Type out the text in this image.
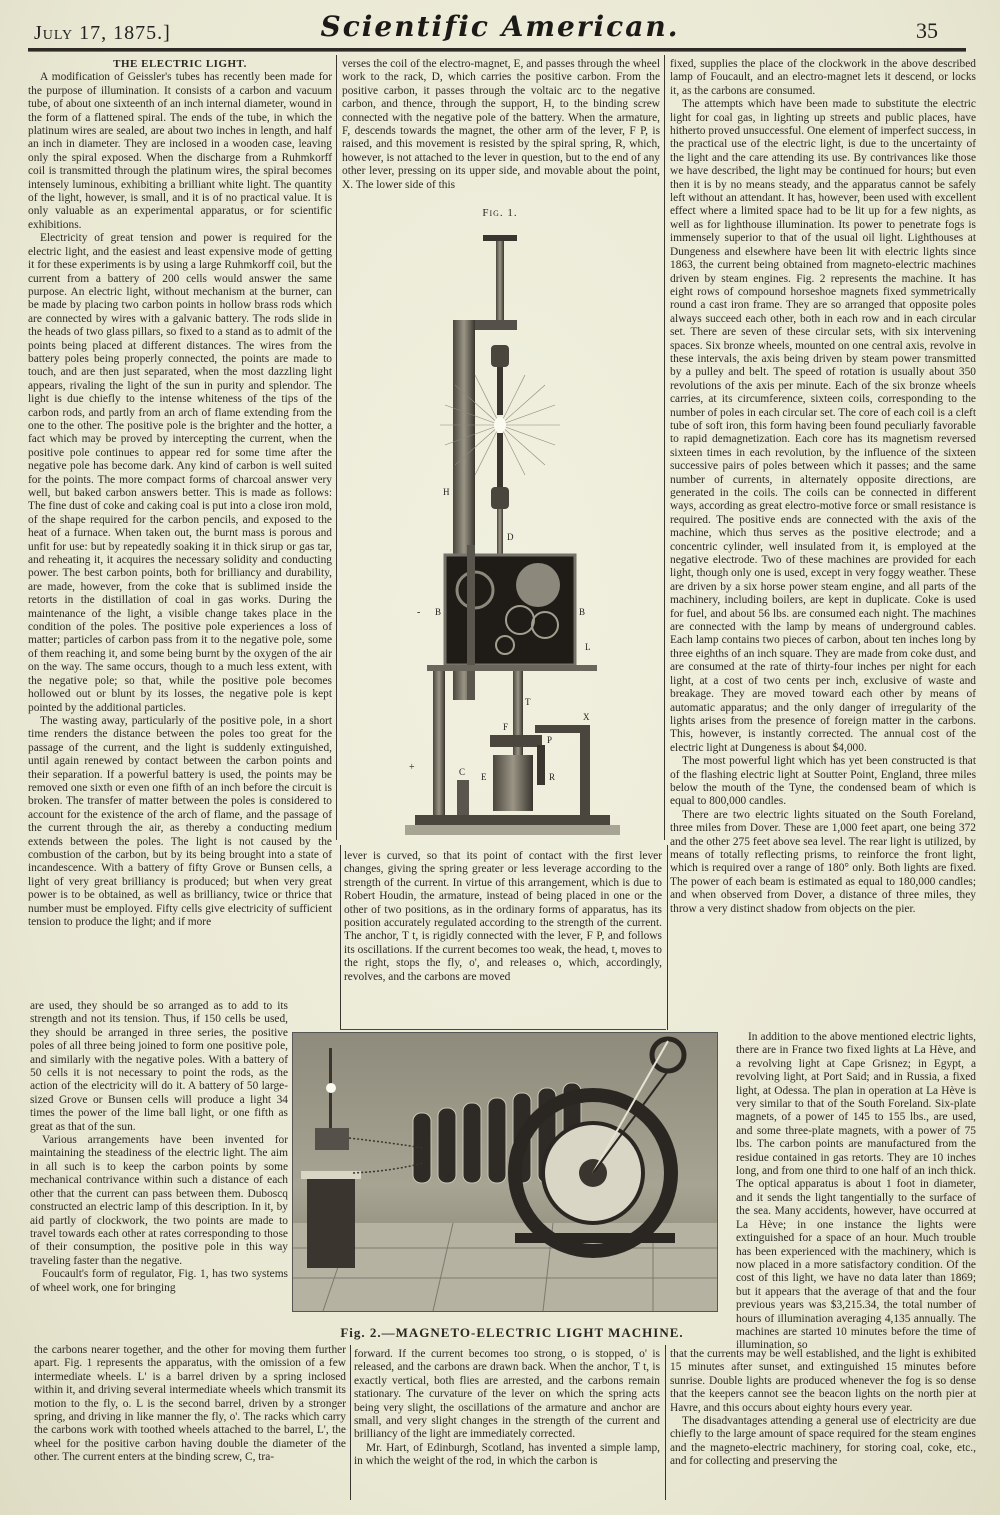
July 17, 1875.]	Scientific American.	35

THE ELECTRIC LIGHT.

A modification of Geissler's tubes has recently been made for the purpose of illumination. It consists of a carbon and vacuum tube, of about one sixteenth of an inch internal diameter, wound in the form of a flattened spiral. The ends of the tube, in which the platinum wires are sealed, are about two inches in length, and half an inch in diameter. They are inclosed in a wooden case, leaving only the spiral exposed. When the discharge from a Ruhmkorff coil is transmitted through the platinum wires, the spiral becomes intensely luminous, exhibiting a brilliant white light. The quantity of the light, however, is small, and it is of no practical value. It is only valuable as an experimental apparatus, or for scientific exhibitions.

Electricity of great tension and power is required for the electric light, and the easiest and least expensive mode of getting it for these experiments is by using a large Ruhmkorff coil, but the current from a battery of 200 cells would answer the same purpose. An electric light, without mechanism at the burner, can be made by placing two carbon points in hollow brass rods which are connected by wires with a galvanic battery. The rods slide in the heads of two glass pillars, so fixed to a stand as to admit of the points being placed at different distances. The wires from the battery poles being properly connected, the points are made to touch, and are then just separated, when the most dazzling light appears, rivaling the light of the sun in purity and splendor. The light is due chiefly to the intense whiteness of the tips of the carbon rods, and partly from an arch of flame extending from the one to the other. The positive pole is the brighter and the hotter, a fact which may be proved by intercepting the current, when the positive pole continues to appear red for some time after the negative pole has become dark. Any kind of carbon is well suited for the points. The more compact forms of charcoal answer very well, but baked carbon answers better. This is made as follows: The fine dust of coke and caking coal is put into a close iron mold, of the shape required for the carbon pencils, and exposed to the heat of a furnace. When taken out, the burnt mass is porous and unfit for use: but by repeatedly soaking it in thick sirup or gas tar, and reheating it, it acquires the necessary solidity and conducting power. The best carbon points, both for brilliancy and durability, are made, however, from the coke that is sublimed inside the retorts in the distillation of coal in gas works. During the maintenance of the light, a visible change takes place in the condition of the poles. The positive pole experiences a loss of matter; particles of carbon pass from it to the negative pole, some of them reaching it, and some being burnt by the oxygen of the air on the way. The same occurs, though to a much less extent, with the negative pole; so that, while the positive pole becomes hollowed out or blunt by its losses, the negative pole is kept pointed by the additional particles.

The wasting away, particularly of the positive pole, in a short time renders the distance between the poles too great for the passage of the current, and the light is suddenly extinguished, until again renewed by contact between the carbon points and their separation. If a powerful battery is used, the points may be removed one sixth or even one fifth of an inch before the circuit is broken. The transfer of matter between the poles is considered to account for the existence of the arch of flame, and the passage of the current through the air, as thereby a conducting medium extends between the poles. The light is not caused by the combustion of the carbon, but by its being brought into a state of incandescence. With a battery of fifty Grove or Bunsen cells, a light of very great brilliancy is produced; but when very great power is to be obtained, as well as brilliancy, twice or thrice that number must be employed. Fifty cells give electricity of sufficient tension to produce the light; and if more

are used, they should be so arranged as to add to its strength and not its tension. Thus, if 150 cells be used, they should be arranged in three series, the positive poles of all three being joined to form one positive pole, and similarly with the negative poles. With a battery of 50 cells it is not necessary to point the rods, as the action of the electricity will do it. A battery of 50 large-sized Grove or Bunsen cells will produce a light 34 times the power of the lime ball light, or one fifth as great as that of the sun.

Various arrangements have been invented for maintaining the steadiness of the electric light. The aim in all such is to keep the carbon points by some mechanical contrivance within such a distance of each other that the current can pass between them. Duboscq constructed an electric lamp of this description. In it, by aid partly of clockwork, the two points are made to travel towards each other at rates corresponding to those of their consumption, the positive pole in this way traveling faster than the negative.

Foucault's form of regulator, Fig. 1, has two systems of wheel work, one for bringing

the carbons nearer together, and the other for moving them further apart. Fig. 1 represents the apparatus, with the omission of a few intermediate wheels. L' is a barrel driven by a spring inclosed within it, and driving several intermediate wheels which transmit its motion to the fly, o. L is the second barrel, driven by a stronger spring, and driving in like manner the fly, o'. The racks which carry the carbons work with toothed wheels attached to the barrel, L', the wheel for the positive carbon having double the diameter of the other. The current enters at the binding screw, C, tra-

verses the coil of the electro-magnet, E, and passes through the wheel work to the rack, D, which carries the positive carbon. From the positive carbon, it passes through the voltaic arc to the negative carbon, and thence, through the support, H, to the binding screw connected with the negative pole of the battery. When the armature, F, descends towards the magnet, the other arm of the lever, F P, is raised, and this movement is resisted by the spiral spring, R, which, however, is not attached to the lever in question, but to the end of any other lever, pressing on its upper side, and movable about the point, X. The lower side of this

Fig. 1.
H
D
B	B
L
T
F
P
X
C E	R
+
-

lever is curved, so that its point of contact with the first lever changes, giving the spring greater or less leverage according to the strength of the current. In virtue of this arrangement, which is due to Robert Houdin, the armature, instead of being placed in one or the other of two positions, as in the ordinary forms of apparatus, has its position accurately regulated according to the strength of the current. The anchor, T t, is rigidly connected with the lever, F P, and follows its oscillations. If the current becomes too weak, the head, t, moves to the right, stops the fly, o', and releases o, which, accordingly, revolves, and the carbons are moved

fixed, supplies the place of the clockwork in the above described lamp of Foucault, and an electro-magnet lets it descend, or locks it, as the carbons are consumed.

The attempts which have been made to substitute the electric light for coal gas, in lighting up streets and public places, have hitherto proved unsuccessful. One element of imperfect success, in the practical use of the electric light, is due to the uncertainty of the light and the care attending its use. By contrivances like those we have described, the light may be continued for hours; but even then it is by no means steady, and the apparatus cannot be safely left without an attendant. It has, however, been used with excellent effect where a limited space had to be lit up for a few nights, as well as for lighthouse illumination. Its power to penetrate fogs is immensely superior to that of the usual oil light. Lighthouses at Dungeness and elsewhere have been lit with electric lights since 1863, the current being obtained from magneto-electric machines driven by steam engines. Fig. 2 represents the machine. It has eight rows of compound horseshoe magnets fixed symmetrically round a cast iron frame. They are so arranged that opposite poles always succeed each other, both in each row and in each circular set. There are seven of these circular sets, with six intervening spaces. Six bronze wheels, mounted on one central axis, revolve in these intervals, the axis being driven by steam power transmitted by a pulley and belt. The speed of rotation is usually about 350 revolutions of the axis per minute. Each of the six bronze wheels carries, at its circumference, sixteen coils, corresponding to the number of poles in each circular set. The core of each coil is a cleft tube of soft iron, this form having been found peculiarly favorable to rapid demagnetization. Each core has its magnetism reversed sixteen times in each revolution, by the influence of the sixteen successive pairs of poles between which it passes; and the same number of currents, in alternately opposite directions, are generated in the coils. The coils can be connected in different ways, according as great electro-motive force or small resistance is required. The positive ends are connected with the axis of the machine, which thus serves as the positive electrode; and a concentric cylinder, well insulated from it, is employed at the negative electrode. Two of these machines are provided for each light, though only one is used, except in very foggy weather. These are driven by a six horse power steam engine, and all parts of the machinery, including boilers, are kept in duplicate. Coke is used for fuel, and about 56 lbs. are consumed each night. The machines are connected with the lamp by means of underground cables. Each lamp contains two pieces of carbon, about ten inches long by three eighths of an inch square. They are made from coke dust, and are consumed at the rate of thirty-four inches per night for each light, at a cost of two cents per inch, exclusive of waste and breakage. They are moved toward each other by means of automatic apparatus; and the only danger of irregularity of the lights arises from the presence of foreign matter in the carbons. This, however, is instantly corrected. The annual cost of the electric light at Dungeness is about $4,000.

The most powerful light which has yet been constructed is that of the flashing electric light at Soutter Point, England, three miles below the mouth of the Tyne, the condensed beam of which is equal to 800,000 candles.

There are two electric lights situated on the South Foreland, three miles from Dover. These are 1,000 feet apart, one being 372 and the other 275 feet above sea level. The rear light is utilized, by means of totally reflecting prisms, to reinforce the front light, which is required over a range of 180° only. Both lights are fixed. The power of each beam is estimated as equal to 180,000 candles; and when observed from Dover, a distance of three miles, they throw a very distinct shadow from objects on the pier.

In addition to the above mentioned electric lights, there are in France two fixed lights at La Hève, and a revolving light at Cape Grisnez; in Egypt, a revolving light, at Port Said; and in Russia, a fixed light, at Odessa. The plan in operation at La Hève is very similar to that of the South Foreland. Six-plate magnets, of a power of 145 to 155 lbs., are used, and some three-plate magnets, with a power of 75 lbs. The carbon points are manufactured from the residue contained in gas retorts. They are 10 inches long, and from one third to one half of an inch thick. The optical apparatus is about 1 foot in diameter, and it sends the light tangentially to the surface of the sea. Many accidents, however, have occurred at La Hève; in one instance the lights were extinguished for a space of an hour. Much trouble has been experienced with the machinery, which is now placed in a more satisfactory condition. Of the cost of this light, we have no data later than 1869; but it appears that the average of that and the four previous years was $3,215.34, the total number of hours of illumination averaging 4,135 annually. The machines are started 10 minutes before the time of illumination, so

Fig. 2.—MAGNETO-ELECTRIC LIGHT MACHINE.

forward. If the current becomes too strong, o is stopped, o' is released, and the carbons are drawn back. When the anchor, T t, is exactly vertical, both flies are arrested, and the carbons remain stationary. The curvature of the lever on which the spring acts being very slight, the oscillations of the armature and anchor are small, and very slight changes in the strength of the current and brilliancy of the light are immediately corrected.

Mr. Hart, of Edinburgh, Scotland, has invented a simple lamp, in which the weight of the rod, in which the carbon is

that the currents may be well established, and the light is exhibited 15 minutes after sunset, and extinguished 15 minutes before sunrise. Double lights are produced whenever the fog is so dense that the keepers cannot see the beacon lights on the north pier at Havre, and this occurs about eighty hours every year.

The disadvantages attending a general use of electricity are due chiefly to the large amount of space required for the steam engines and the magneto-electric machinery, for storing coal, coke, etc., and for collecting and preserving the
